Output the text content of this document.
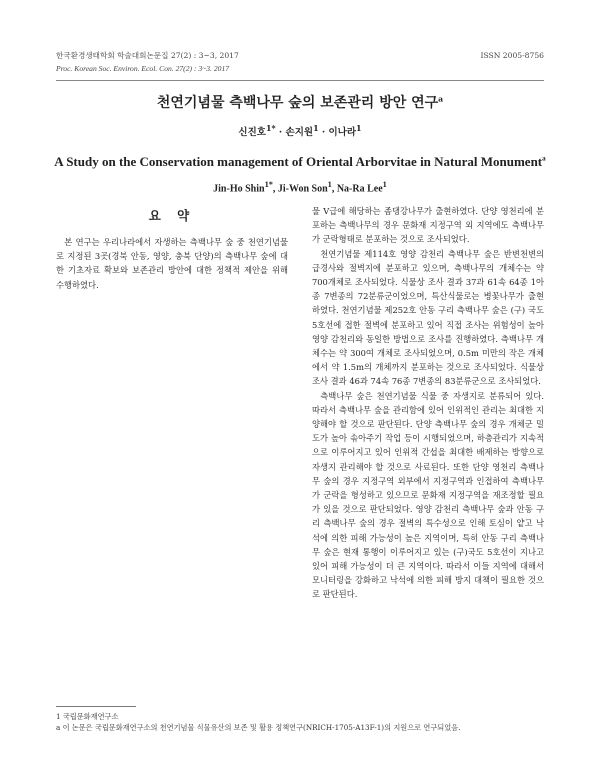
한국환경생태학회 학술대회논문집 27(2) : 3~3, 2017	ISSN 2005-8756
Proc. Korean Soc. Environ. Ecol. Con. 27(2) : 3~3. 2017
천연기념물 측백나무 숲의 보존관리 방안 연구$^a$
신진호$^{1*}$ · 손지원$^1$ · 이나라$^1$
A Study on the Conservation management of Oriental Arborvitae in Natural Monument$^a$
Jin-Ho Shin$^{1*}$, Ji-Won Son$^1$, Na-Ra Lee$^1$
요 약

본 연구는 우리나라에서 자생하는 측백나무 숲 중 천연기념물로 지정된 3곳(경북 안동, 영양, 충북 단양)의 측백나무 숲에 대한 기초자료 확보와 보존관리 방안에 대한 정책적 제안을 위해 수행하였다.

물 V급에 해당하는 좀댕강나무가 출현하였다. 단양 영천리에 분포하는 측백나무의 경우 문화재 지정구역 외 지역에도 측백나무가 군락형태로 분포하는 것으로 조사되었다.

천연기념물 제114호 영양 감천리 측백나무 숲은 반변천변의 급경사와 절벽지에 분포하고 있으며, 측백나무의 개체수는 약 700개체로 조사되었다. 식물상 조사 결과 37과 61속 64종 1아종 7변종의 72분류군이었으며, 특산식물로는 병꽃나무가 출현하였다. 천연기념물 제252호 안동 구리 측백나무 숲은 (구) 국도 5호선에 접한 절벽에 분포하고 있어 직접 조사는 위험성이 높아 영양 감천리와 동일한 방법으로 조사를 진행하였다. 측백나무 개체수는 약 300여 개체로 조사되었으며, 0.5m 미만의 작은 개체에서 약 1.5m의 개체까지 분포하는 것으로 조사되었다. 식물상 조사 결과 46과 74속 76종 7변종의 83분류군으로 조사되었다.

측백나무 숲은 천연기념물 식물 중 자생지로 분류되어 있다. 따라서 측백나무 숲을 관리함에 있어 인위적인 관리는 최대한 지양해야 할 것으로 판단된다. 단양 측백나무 숲의 경우 개체군 밀도가 높아 솎아주기 작업 등이 시행되었으며, 하층관리가 지속적으로 이루어지고 있어 인위적 간섭을 최대한 배제하는 방향으로 자생지 관리해야 할 것으로 사료된다. 또한 단양 영천리 측백나무 숲의 경우 지정구역 외부에서 지정구역과 인접하여 측백나무가 군락을 형성하고 있으므로 문화재 지정구역을 재조정할 필요가 있을 것으로 판단되었다. 영양 감천리 측백나무 숲과 안동 구리 측백나무 숲의 경우 절벽의 특수성으로 인해 토심이 얕고 낙석에 의한 피해 가능성이 높은 지역이며, 특히 안동 구리 측백나무 숲은 현재 통행이 이루어지고 있는 (구)국도 5호선이 지나고 있어 피해 가능성이 더 큰 지역이다. 따라서 이들 지역에 대해서 모니터링을 강화하고 낙석에 의한 피해 방지 대책이 필요한 것으로 판단된다.

1 국립문화재연구소
a 이 논문은 국립문화재연구소의 천연기념물 식물유산의 보존 및 활용 정책연구(NRICH-1705-A13F-1)의 지원으로 연구되었음.
